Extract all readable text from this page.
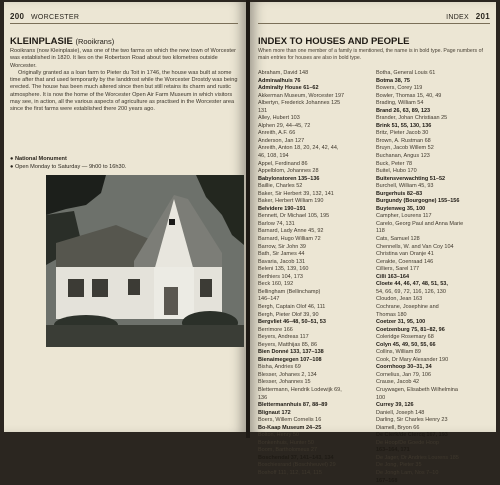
200 WORCESTER
KLEINPLASIE (Rooikrans)

Rooikrans (now Kleinplasie), was one of the two farms on which the new town of Worcester was established in 1820. It lies on the Robertson Road about two kilometres outside Worcester.

Originally granted as a loan farm to Pieter du Toit in 1746, the house was built at some time after that and used temporarily by the landdrost while the Worcester Drostdy was being erected. The house has been much altered since then but still retains its charm and rustic atmosphere. It is now the home of the Worcester Open Air Farm Museum in which visitors may see, in action, all the various aspects of agriculture as practised in the Worcester area since the first farms were established there 200 years ago.

● National Monument
● Open Monday to Saturday — 9h00 to 16h30.
INDEX 201
INDEX TO HOUSES AND PEOPLE
When more than one member of a family is mentioned, the name is in bold type. Page numbers of main entries for houses are also in bold type.
Abraham, David 148
Admiraalhuis 76
Admiralty House 61–62
Akkerman Museum, Worcester 197
Albertyn, Frederick Johannes 125
131
Alley, Hubert 103
Alphen 29, 44–45, 72
Anreith, A.F. 66
Anderson, Jan 127
Anreith, Anton 18, 20, 24, 42, 44,
46, 108, 194
Appel, Ferdinand 86
Appelblom, Johannes 28
Babylonstoren 135–136
Baillie, Charles 52
Baker, Sir Herbert 39, 132, 141
Baker, Herbert William 190
Belvidere 190–191
Bennett, Dr Michael 105, 195
Barlow 74, 131
Barnard, Lady Anne 45, 92
Barnard, Hugo William 72
Barrow, Sir John 39
Bath, Sir James 44
Bavaria, Jacob 131
Beleni 135, 139, 160
Berthiers 104, 173
Beck 160, 192
Bellingham (Bellinchamp)
146–147
Bergh, Captain Olof 46, 111
Bergh, Pieter Olof 39, 90
Bergvliet 46–48, 50–51, 53
Berrimore 166
Beyers, Andreas 117
Beyers, Matthijas 85, 86
Bien Donné 133, 137–138
Bienaimegegen 107–108
Bisha, Andries 69
Blesser, Johanes 2, 134
Blesser, Johannes 15
Blettermann, Hendrik Lodewijk 69,
136
Blettermannhuis 87, 88–89
Blignaut 172
Boers, Willem Cornelis 16
Bo-Kaap Museum 24–25
Bolton, Henry 50
Bonkenhuis, Hunter 50
Boom, Bartholomeus 27
Boschendal 37, 141–143, 134
Boschiesrand (Boschheuvel) 29
Boshoff 111, 112, 114, 115
Botha, General Louis 61
Botma 38, 75
Bowers, Corey 119
Bowler, Thomas 15, 40, 49
Brading, William 54
Brand 26, 63, 89, 123
Brander, Johan Christiaan 25
Brink 51, 55, 130, 136
Britz, Pieter Jacob 30
Brown, A. Rustman 68
Bruyn, Jacob Willem 52
Buchanan, Angus 123
Buck, Peter 78
Buitel, Hubo 170
Buitensverwachting 51–52
Burchell, William 45, 93
Burgerhuis 82–83
Burgundy (Bourgogne) 155–156
Buytenweg 35, 100
Campher, Lourens 117
Carelo, Georg Paul and Anna Marie
118
Cats, Samuel 128
Chennells, W. and Van Coy 104
Christina van Oranje 41
Cerakte, Coenraad 146
Cilliers, Sarel 177
Cilli 163–164
Cloete 44, 46, 47, 48, 51, 53,
54, 66, 69, 72, 116, 126, 130
Cloudon, Jean 163
Cochrane, Josephine and
Thomas 180
Coetzer 31, 95, 100
Coetzenburg 75, 81–82, 96
Coleridge Rosemary 68
Colyn 45, 49, 50, 55, 66
Collins, William 89
Cook, Dr Mary Alexander 190
Coornhoop 30–31, 34
Cornelius, Jan 79, 106
Crause, Jacob 42
Cruywagen, Elisabeth Wilhelmina
100
Currey 39, 126
Daniell, Joseph 148
Darling, Sir Charles Henry 23
Diamell, Bryon 66
De Clerk/de Clercq 167, 193
De Hoop/De Goede Hoop
163–164, 171
De Jager, Dr Andries Lourens 185
De Jong, Pieter 35
De Jongh Lam, Nos 7–10
167–168
